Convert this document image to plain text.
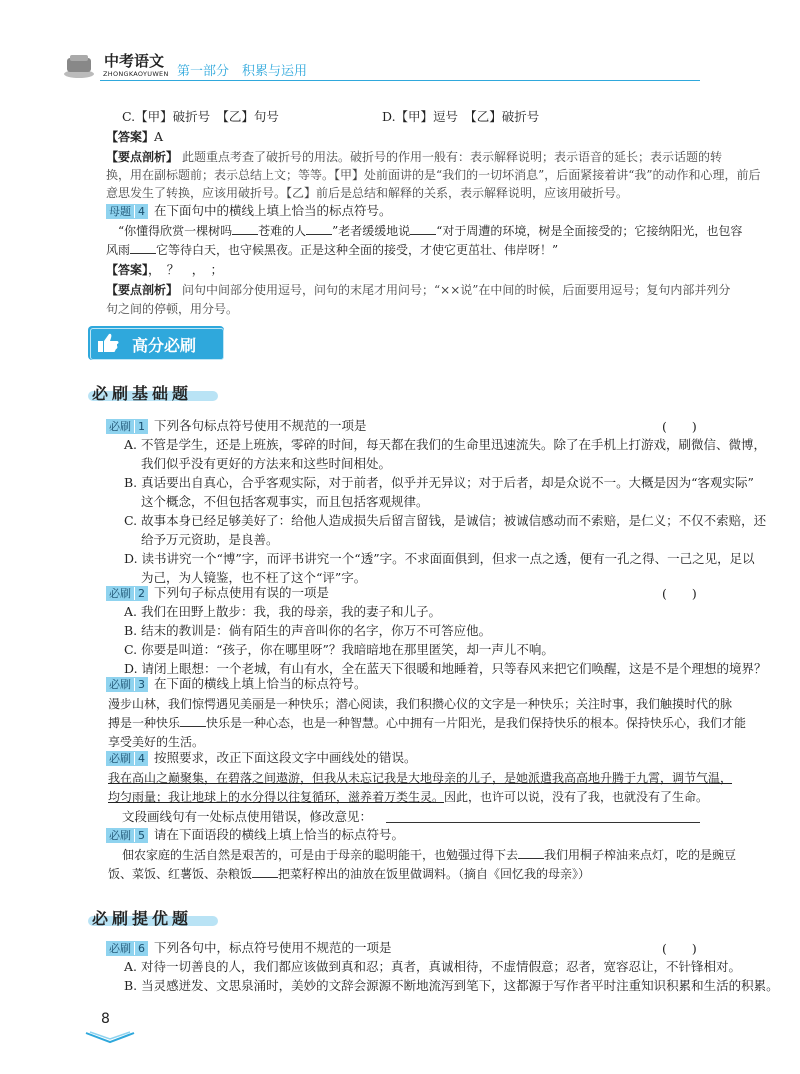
中考语文
ZHONGKAOYUWEN 第一部分　积累与运用
C.【甲】破折号　【乙】句号	D.【甲】逗号　【乙】破折号
【答案】A
【要点剖析】 此题重点考查了破折号的用法。破折号的作用一般有：表示解释说明；表示语音的延长；表示话题的转
换，用在副标题前；表示总结上文；等等。【甲】处前面讲的是“我们的一切坏消息”，后面紧接着讲“我”的动作和心理，前后
意思发生了转换，应该用破折号。【乙】前后是总结和解释的关系，表示解释说明，应该用破折号。
母题 4 在下面句中的横线上填上恰当的标点符号。
“你懂得欣赏一棵树吗 苍难的人 ”老者缓缓地说 “对于周遭的环境，树是全面接受的；它接纳阳光，也包容
风雨 它等待白天，也守候黑夜。正是这种全面的接受，才使它更茁壮、伟岸呀！”
【答案】，　？　，　；
【要点剖析】 问句中间部分使用逗号，问句的末尾才用问号；“××说”在中间的时候，后面要用逗号；复句内部并列分
句之间的停顿，用分号。
高分必刷
必刷基础题
必刷 1 下列各句标点符号使用不规范的一项是	(　　)
A. 不管是学生，还是上班族，零碎的时间，每天都在我们的生命里迅速流失。除了在手机上打游戏，刷微信、微博，
我们似乎没有更好的方法来和这些时间相处。
B. 真话要出自真心，合乎客观实际，对于前者，似乎并无异议；对于后者，却是众说不一。大概是因为“客观实际”
这个概念，不但包括客观事实，而且包括客观规律。
C. 故事本身已经足够美好了：给他人造成损失后留言留钱，是诚信；被诚信感动而不索赔，是仁义；不仅不索赔，还
给予万元资助，是良善。
D. 读书讲究一个“博”字，而评书讲究一个“透”字。不求面面俱到，但求一点之透，便有一孔之得、一己之见，足以
为己，为人镜鉴，也不枉了这个“评”字。
必刷 2 下列句子标点使用有误的一项是	(　　)
A. 我们在田野上散步：我，我的母亲，我的妻子和儿子。
B. 结末的教训是：倘有陌生的声音叫你的名字，你万不可答应他。
C. 你要是叫道：“孩子，你在哪里呀”？我暗暗地在那里匿笑，却一声儿不响。
D. 请闭上眼想：一个老城，有山有水，全在蓝天下很暖和地睡着，只等春风来把它们唤醒，这是不是个理想的境界？
必刷 3 在下面的横线上填上恰当的标点符号。
漫步山林，我们惊愕遇见美丽是一种快乐；潜心阅读，我们积攒心仪的文字是一种快乐；关注时事，我们触摸时代的脉
搏是一种快乐 快乐是一种心态，也是一种智慧。心中拥有一片阳光，是我们保持快乐的根本。保持快乐心，我们才能
享受美好的生活。
必刷 4 按照要求，改正下面这段文字中画线处的错误。
我在高山之巅聚集，在碧落之间遨游，但我从未忘记我是大地母亲的儿子，是她派遣我高高地升腾于九霄，调节气温，
均匀雨量；我让地球上的水分得以往复循环，滋养着万类生灵。因此，也许可以说，没有了我，也就没有了生命。
文段画线句有一处标点使用错误，修改意见：
必刷 5 请在下面语段的横线上填上恰当的标点符号。
佃农家庭的生活自然是艰苦的，可是由于母亲的聪明能干，也勉强过得下去 我们用桐子榨油来点灯，吃的是豌豆
饭、菜饭、红薯饭、杂粮饭 把菜籽榨出的油放在饭里做调料。（摘自《回忆我的母亲》）
必刷提优题
必刷 6 下列各句中，标点符号使用不规范的一项是	(　　)
A. 对待一切善良的人，我们都应该做到真和忍；真者，真诚相待，不虚情假意；忍者，宽容忍让，不针锋相对。
B. 当灵感迸发、文思泉涌时，美妙的文辞会源源不断地流泻到笔下，这都源于写作者平时注重知识积累和生活的积累。
8
